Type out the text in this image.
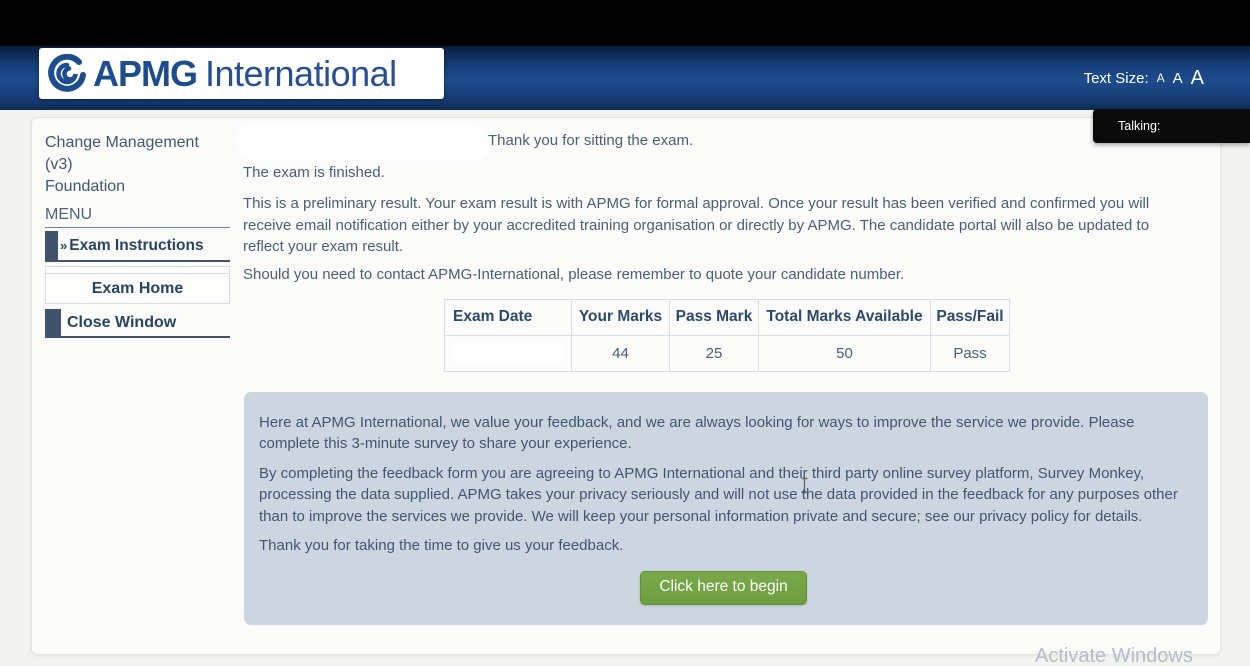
APMG International	Text Size: A A A
Talking:
Change Management (v3)
Foundation
MENU
» Exam Instructions
Exam Home
Close Window
Thank you for sitting the exam.

The exam is finished.

This is a preliminary result. Your exam result is with APMG for formal approval. Once your result has been verified and confirmed you will receive email notification either by your accredited training organisation or directly by APMG. The candidate portal will also be updated to reflect your exam result.

Should you need to contact APMG-International, please remember to quote your candidate number.

Exam Date	Your Marks	Pass Mark	Total Marks Available	Pass/Fail

	44	25	50	Pass

Here at APMG International, we value your feedback, and we are always looking for ways to improve the service we provide. Please complete this 3-minute survey to share your experience.

By completing the feedback form you are agreeing to APMG International and their third party online survey platform, Survey Monkey, processing the data supplied. APMG takes your privacy seriously and will not use the data provided in the feedback for any purposes other than to improve the services we provide. We will keep your personal information private and secure; see our privacy policy for details.

Thank you for taking the time to give us your feedback.

Click here to begin
Activate Windows
